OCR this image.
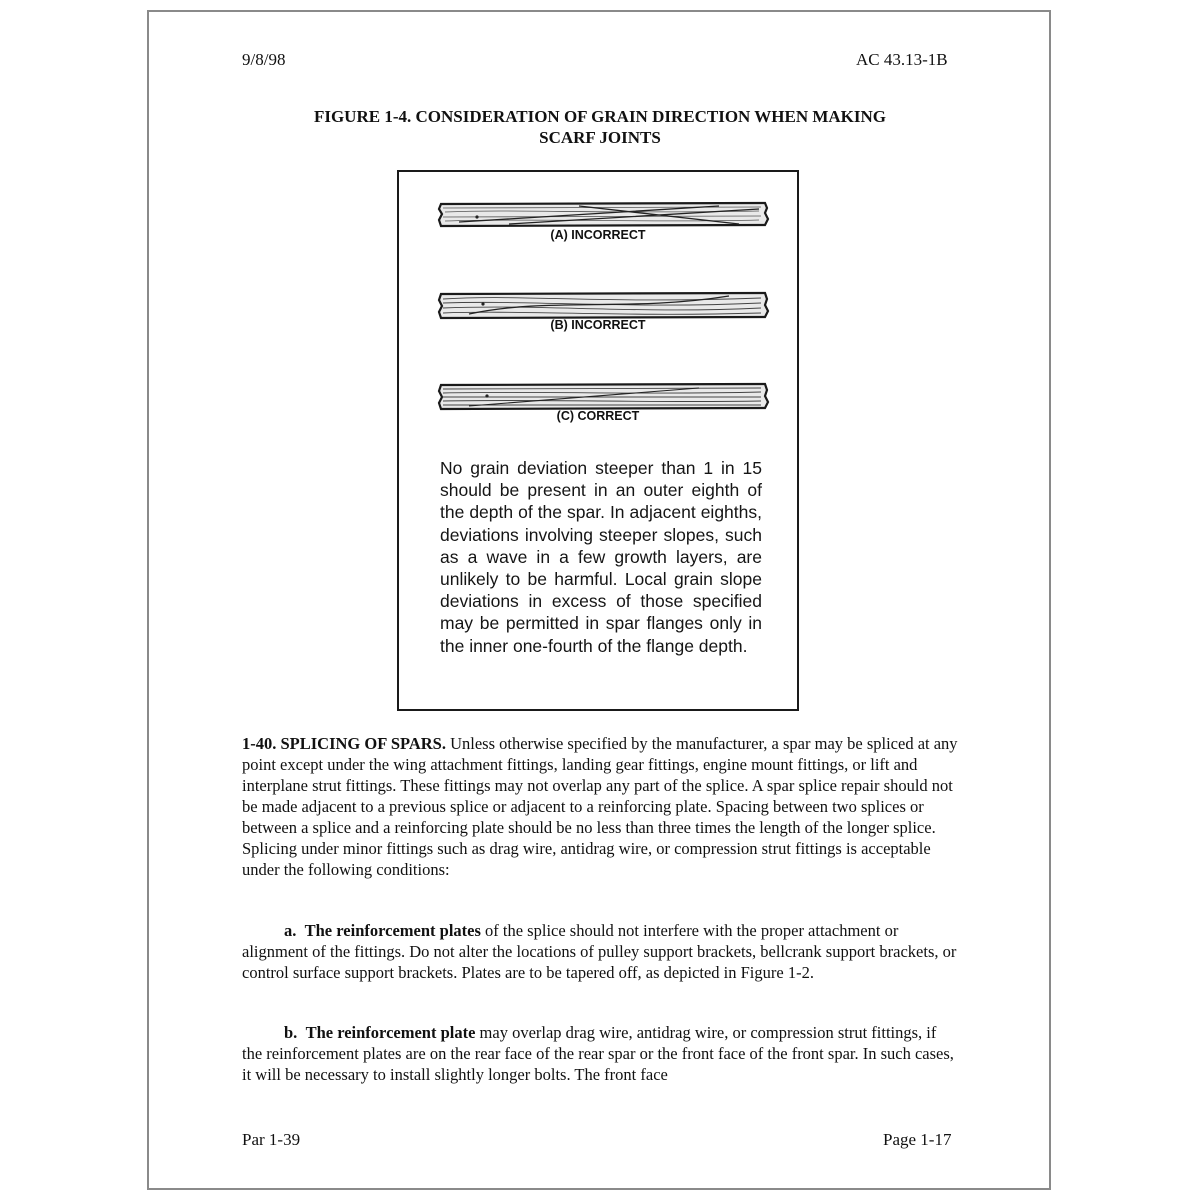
9/8/98	AC 43.13-1B
FIGURE 1-4. CONSIDERATION OF GRAIN DIRECTION WHEN MAKING
SCARF JOINTS
(A) INCORRECT
(B) INCORRECT
(C) CORRECT
No grain deviation steeper than 1 in 15 should be present in an outer eighth of the depth of the spar. In adjacent eighths, deviations involving steeper slopes, such as a wave in a few growth layers, are unlikely to be harmful. Local grain slope deviations in excess of those specified may be permitted in spar flanges only in the inner one-fourth of the flange depth.
1-40. SPLICING OF SPARS. Unless otherwise specified by the manufacturer, a spar may be spliced at any point except under the wing attachment fittings, landing gear fittings, engine mount fittings, or lift and interplane strut fittings. These fittings may not overlap any part of the splice. A spar splice repair should not be made adjacent to a previous splice or adjacent to a reinforcing plate. Spacing between two splices or between a splice and a reinforcing plate should be no less than three times the length of the longer splice. Splicing under minor fittings such as drag wire, antidrag wire, or compression strut fittings is acceptable under the following conditions:
a. The reinforcement plates of the splice should not interfere with the proper attachment or alignment of the fittings. Do not alter the locations of pulley support brackets, bellcrank support brackets, or control surface support brackets. Plates are to be tapered off, as depicted in Figure 1-2.
b. The reinforcement plate may overlap drag wire, antidrag wire, or compression strut fittings, if the reinforcement plates are on the rear face of the rear spar or the front face of the front spar. In such cases, it will be necessary to install slightly longer bolts. The front face
Par 1-39	Page 1-17
